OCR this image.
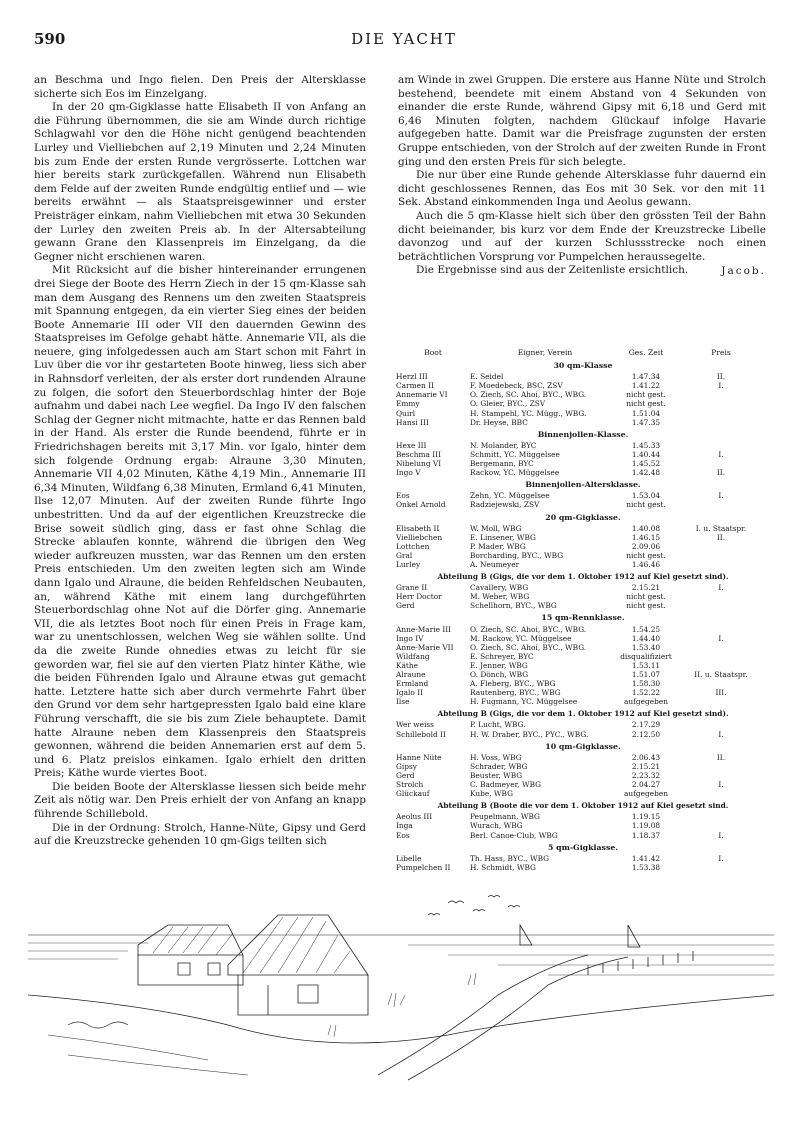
590	DIE YACHT

an Beschma und Ingo fielen. Den Preis der Altersklasse sicherte sich Eos im Einzelgang.

In der 20 qm-Gigklasse hatte Elisabeth II von Anfang an die Führung übernommen, die sie am Winde durch richtige Schlagwahl vor den die Höhe nicht genügend beachtenden Lurley und Vielliebchen auf 2,19 Minuten und 2,24 Minuten bis zum Ende der ersten Runde vergrösserte. Lottchen war hier bereits stark zurückgefallen. Während nun Elisabeth dem Felde auf der zweiten Runde endgültig entlief und — wie bereits erwähnt — als Staatspreisgewinner und erster Preisträger einkam, nahm Vielliebchen mit etwa 30 Sekunden der Lurley den zweiten Preis ab. In der Altersabteilung gewann Grane den Klassenpreis im Einzelgang, da die Gegner nicht erschienen waren.

Mit Rücksicht auf die bisher hintereinander errungenen drei Siege der Boote des Herrn Ziech in der 15 qm-Klasse sah man dem Ausgang des Rennens um den zweiten Staatspreis mit Spannung entgegen, da ein vierter Sieg eines der beiden Boote Annemarie III oder VII den dauernden Gewinn des Staatspreises im Gefolge gehabt hätte. Annemarie VII, als die neuere, ging infolgedessen auch am Start schon mit Fahrt in Luv über die vor ihr gestarteten Boote hinweg, liess sich aber in Rahnsdorf verleiten, der als erster dort rundenden Alraune zu folgen, die sofort den Steuerbordschlag hinter der Boje aufnahm und dabei nach Lee wegfiel. Da Ingo IV den falschen Schlag der Gegner nicht mitmachte, hatte er das Rennen bald in der Hand. Als erster die Runde beendend, führte er in Friedrichshagen bereits mit 3,17 Min. vor Igalo, hinter dem sich folgende Ordnung ergab: Alraune 3,30 Minuten, Annemarie VII 4,02 Minuten, Käthe 4,19 Min., Annemarie III 6,34 Minuten, Wildfang 6,38 Minuten, Ermland 6,41 Minuten, Ilse 12,07 Minuten. Auf der zweiten Runde führte Ingo unbestritten. Und da auf der eigentlichen Kreuzstrecke die Brise soweit südlich ging, dass er fast ohne Schlag die Strecke ablaufen konnte, während die übrigen den Weg wieder aufkreuzen mussten, war das Rennen um den ersten Preis entschieden. Um den zweiten legten sich am Winde dann Igalo und Alraune, die beiden Rehfeldschen Neubauten, an, während Käthe mit einem lang durchgeführten Steuerbordschlag ohne Not auf die Dörfer ging. Annemarie VII, die als letztes Boot noch für einen Preis in Frage kam, war zu unentschlossen, welchen Weg sie wählen sollte. Und da die zweite Runde ohnedies etwas zu leicht für sie geworden war, fiel sie auf den vierten Platz hinter Käthe, wie die beiden Führenden Igalo und Alraune etwas gut gemacht hatte. Letztere hatte sich aber durch vermehrte Fahrt über den Grund vor dem sehr hartgepressten Igalo bald eine klare Führung verschafft, die sie bis zum Ziele behauptete. Damit hatte Alraune neben dem Klassenpreis den Staatspreis gewonnen, während die beiden Annemarien erst auf dem 5. und 6. Platz preislos einkamen. Igalo erhielt den dritten Preis; Käthe wurde viertes Boot.

Die beiden Boote der Altersklasse liessen sich beide mehr Zeit als nötig war. Den Preis erhielt der von Anfang an knapp führende Schillebold.

Die in der Ordnung: Strolch, Hanne-Nüte, Gipsy und Gerd auf die Kreuzstrecke gehenden 10 qm-Gigs teilten sich

am Winde in zwei Gruppen. Die erstere aus Hanne Nüte und Strolch bestehend, beendete mit einem Abstand von 4 Sekunden von einander die erste Runde, während Gipsy mit 6,18 und Gerd mit 6,46 Minuten folgten, nachdem Glückauf infolge Havarie aufgegeben hatte. Damit war die Preisfrage zugunsten der ersten Gruppe entschieden, von der Strolch auf der zweiten Runde in Front ging und den ersten Preis für sich belegte.

Die nur über eine Runde gehende Altersklasse fuhr dauernd ein dicht geschlossenes Rennen, das Eos mit 30 Sek. vor den mit 11 Sek. Abstand einkommenden Inga und Aeolus gewann.

Auch die 5 qm-Klasse hielt sich über den grössten Teil der Bahn dicht beieinander, bis kurz vor dem Ende der Kreuzstrecke Libelle davonzog und auf der kurzen Schlussstrecke noch einen beträchtlichen Vorsprung vor Pumpelchen heraussegelte.

Die Ergebnisse sind aus der Zeitenliste ersichtlich.	Jacob.
Boot	Eigner, Verein	Ges. Zeit	Preis
30 qm-Klasse
Herzl III	E. Seidel	1.47.34	II.
Carmen II	F. Moedebeck, BSC, ZSV	1.41.22	I.
Annemarie VI	O. Ziech, SC. Ahoi, BYC., WBG.	nicht gest.
Emmy	O. Gleier, BYC., ZSV	nicht gest.
Quirl	H. Stampehl, YC. Mügg., WBG.	1.51.04
Hansi III	Dr. Heyse, BBC	1.47.35
Binnenjollen-Klasse.
Hexe III	N. Molander, BYC	1.45.33
Beschma III	Schmitt, YC. Müggelsee	1.40.44	I.
Nibelung VI	Bergemann, BYC	1.45.52
Ingo V	Rackow, YC. Müggelsee	1.42.48	II.
Binnenjollen-Altersklasse.
Eos	Zehn, YC. Müggelsee	1.53.04	I.
Onkel Arnold	Radziejewski, ZSV	nicht gest.
20 qm-Gigklasse.
Elisabeth II	W. Moll, WBG	1.40.08	I. u. Staatspr.
Vielliebchen	E. Linsener, WBG	1.46.15	II.
Lottchen	P. Mader, WBG	2.09.06
Gral	Borcharding, BYC., WBG	nicht gest.
Lurley	A. Neumeyer	1.46.46
Abteilung B (Gigs, die vor dem 1. Oktober 1912 auf Kiel gesetzt sind).
Grane II	Cavallery, WBG	2.15.21	I.
Herr Doctor	M. Weber, WBG	nicht gest.
Gerd	Schellhorn, BYC., WBG	nicht gest.
15 qm-Rennklasse.
Anne-Marie III	O. Ziech, SC. Ahoi, BYC., WBG.	1.54.25
Ingo IV	M. Rackow, YC. Müggelsee	1.44.40	I.
Anne-Marie VII	O. Ziech, SC. Ahoi, BYC., WBG.	1.53.40
Wildfang	E. Schreyer, BYC	disqualifiziert
Käthe	E. Jenner, WBG	1.53.11
Alraune	O. Dönch, WBG	1.51.07	II. u. Staatspr.
Ermland	A. Fleberg, BYC., WBG	1.58.30
Igalo II	Rautenberg, BYC., WBG	1.52.22	III.
Ilse	H. Fugmann, YC. Müggelsee	aufgegeben
Abteilung B (Gigs, die vor dem 1. Oktober 1912 auf Kiel gesetzt sind).
Wer weiss	P. Lucht, WBG.	2.17.29
Schillebold II	H. W. Draber, BYC., PYC., WBG.	2.12.50	I.
10 qm-Gigklasse.
Hanne Nüte	H. Voss, WBG	2.06.43	II.
Gipsy	Schrader, WBG	2.15.21
Gerd	Beuster, WBG	2.23.32
Strolch	C. Badmeyer, WBG	2.04.27	I.
Glückauf	Kube, WBG	aufgegeben
Abteilung B (Boote die vor dem 1. Oktober 1912 auf Kiel gesetzt sind.
Aeolus III	Peupelmann, WBG	1.19.15
Inga	Wurach, WBG	1.19.08
Eos	Berl. Canoe-Club, WBG	1.18.37	I.
5 qm-Gigklasse.
Libelle	Th. Hass, BYC., WBG	1.41.42	I.
Pumpelchen II	H. Schmidt, WBG	1.53.38
